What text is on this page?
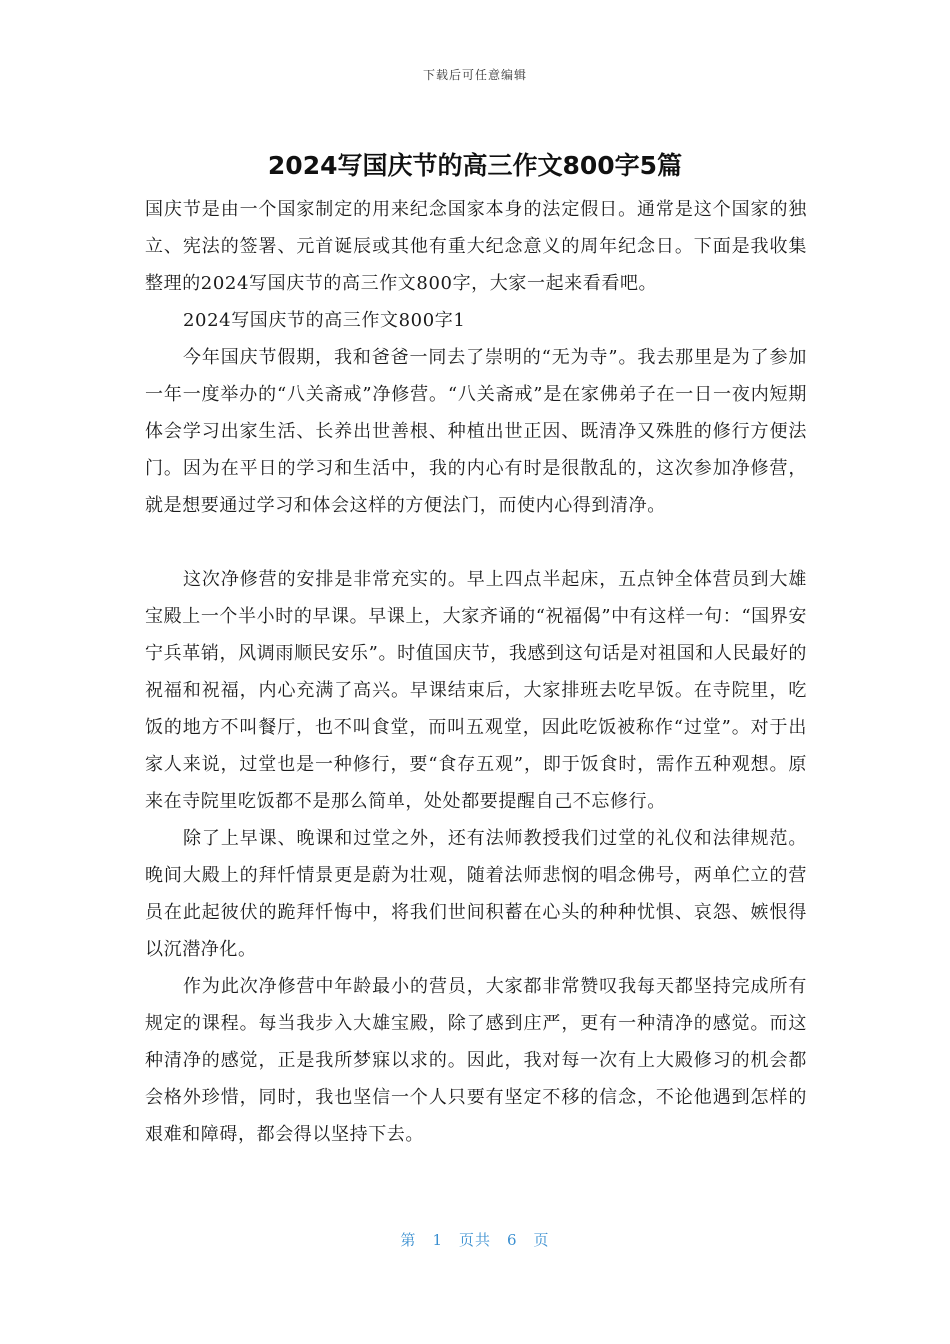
下载后可任意编辑
2024写国庆节的高三作文800字5篇

国庆节是由一个国家制定的用来纪念国家本身的法定假日。通常是这个国家的独立、宪法的签署、元首诞辰或其他有重大纪念意义的周年纪念日。下面是我收集整理的2024写国庆节的高三作文800字，大家一起来看看吧。

2024写国庆节的高三作文800字1

今年国庆节假期，我和爸爸一同去了崇明的“无为寺”。我去那里是为了参加一年一度举办的“八关斋戒”净修营。“八关斋戒”是在家佛弟子在一日一夜内短期体会学习出家生活、长养出世善根、种植出世正因、既清净又殊胜的修行方便法门。因为在平日的学习和生活中，我的内心有时是很散乱的，这次参加净修营，就是想要通过学习和体会这样的方便法门，而使内心得到清净。

这次净修营的安排是非常充实的。早上四点半起床，五点钟全体营员到大雄宝殿上一个半小时的早课。早课上，大家齐诵的“祝福偈”中有这样一句：“国界安宁兵革销，风调雨顺民安乐”。时值国庆节，我感到这句话是对祖国和人民最好的祝福和祝福，内心充满了高兴。早课结束后，大家排班去吃早饭。在寺院里，吃饭的地方不叫餐厅，也不叫食堂，而叫五观堂，因此吃饭被称作“过堂”。对于出家人来说，过堂也是一种修行，要“食存五观”，即于饭食时，需作五种观想。原来在寺院里吃饭都不是那么简单，处处都要提醒自己不忘修行。

除了上早课、晚课和过堂之外，还有法师教授我们过堂的礼仪和法律规范。晚间大殿上的拜忏情景更是蔚为壮观，随着法师悲悯的唱念佛号，两单伫立的营员在此起彼伏的跪拜忏悔中，将我们世间积蓄在心头的种种忧惧、哀怨、嫉恨得以沉潜净化。

作为此次净修营中年龄最小的营员，大家都非常赞叹我每天都坚持完成所有规定的课程。每当我步入大雄宝殿，除了感到庄严，更有一种清净的感觉。而这种清净的感觉，正是我所梦寐以求的。因此，我对每一次有上大殿修习的机会都会格外珍惜，同时，我也坚信一个人只要有坚定不移的信念，不论他遇到怎样的艰难和障碍，都会得以坚持下去。

第 1 页共 6 页
